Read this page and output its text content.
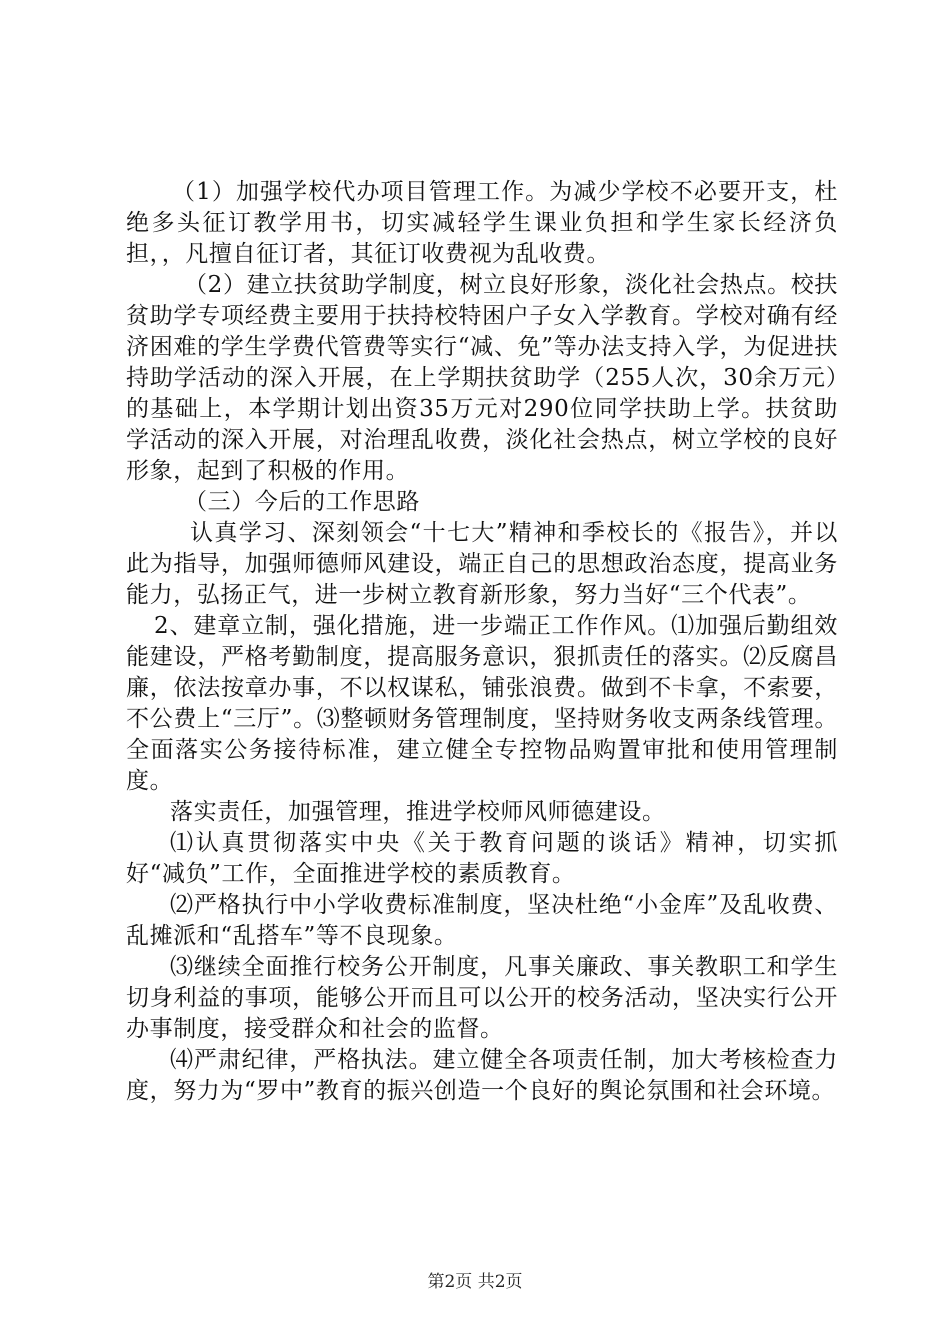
（1）加强学校代办项目管理工作。为减少学校不必要开支，杜绝多头征订教学用书，切实减轻学生课业负担和学生家长经济负担，，凡擅自征订者，其征订收费视为乱收费。

（2）建立扶贫助学制度，树立良好形象，淡化社会热点。校扶贫助学专项经费主要用于扶持校特困户子女入学教育。学校对确有经济困难的学生学费代管费等实行“减、免”等办法支持入学，为促进扶持助学活动的深入开展，在上学期扶贫助学（255人次，30余万元）的基础上，本学期计划出资35万元对290位同学扶助上学。扶贫助学活动的深入开展，对治理乱收费，淡化社会热点，树立学校的良好形象，起到了积极的作用。

（三）今后的工作思路

认真学习、深刻领会“十七大”精神和季校长的《报告》，并以此为指导，加强师德师风建设，端正自己的思想政治态度，提高业务能力，弘扬正气，进一步树立教育新形象，努力当好“三个代表”。

2、建章立制，强化措施，进一步端正工作作风。⑴加强后勤组效能建设，严格考勤制度，提高服务意识，狠抓责任的落实。⑵反腐昌廉，依法按章办事，不以权谋私，铺张浪费。做到不卡拿，不索要，不公费上“三厅”。⑶整顿财务管理制度，坚持财务收支两条线管理。全面落实公务接待标准，建立健全专控物品购置审批和使用管理制度。

落实责任，加强管理，推进学校师风师德建设。

⑴认真贯彻落实中央《关于教育问题的谈话》精神，切实抓好“减负”工作，全面推进学校的素质教育。

⑵严格执行中小学收费标准制度，坚决杜绝“小金库”及乱收费、乱摊派和“乱搭车”等不良现象。

⑶继续全面推行校务公开制度，凡事关廉政、事关教职工和学生切身利益的事项，能够公开而且可以公开的校务活动，坚决实行公开办事制度，接受群众和社会的监督。

⑷严肃纪律，严格执法。建立健全各项责任制，加大考核检查力度，努力为“罗中”教育的振兴创造一个良好的舆论氛围和社会环境。

第2页 共2页
